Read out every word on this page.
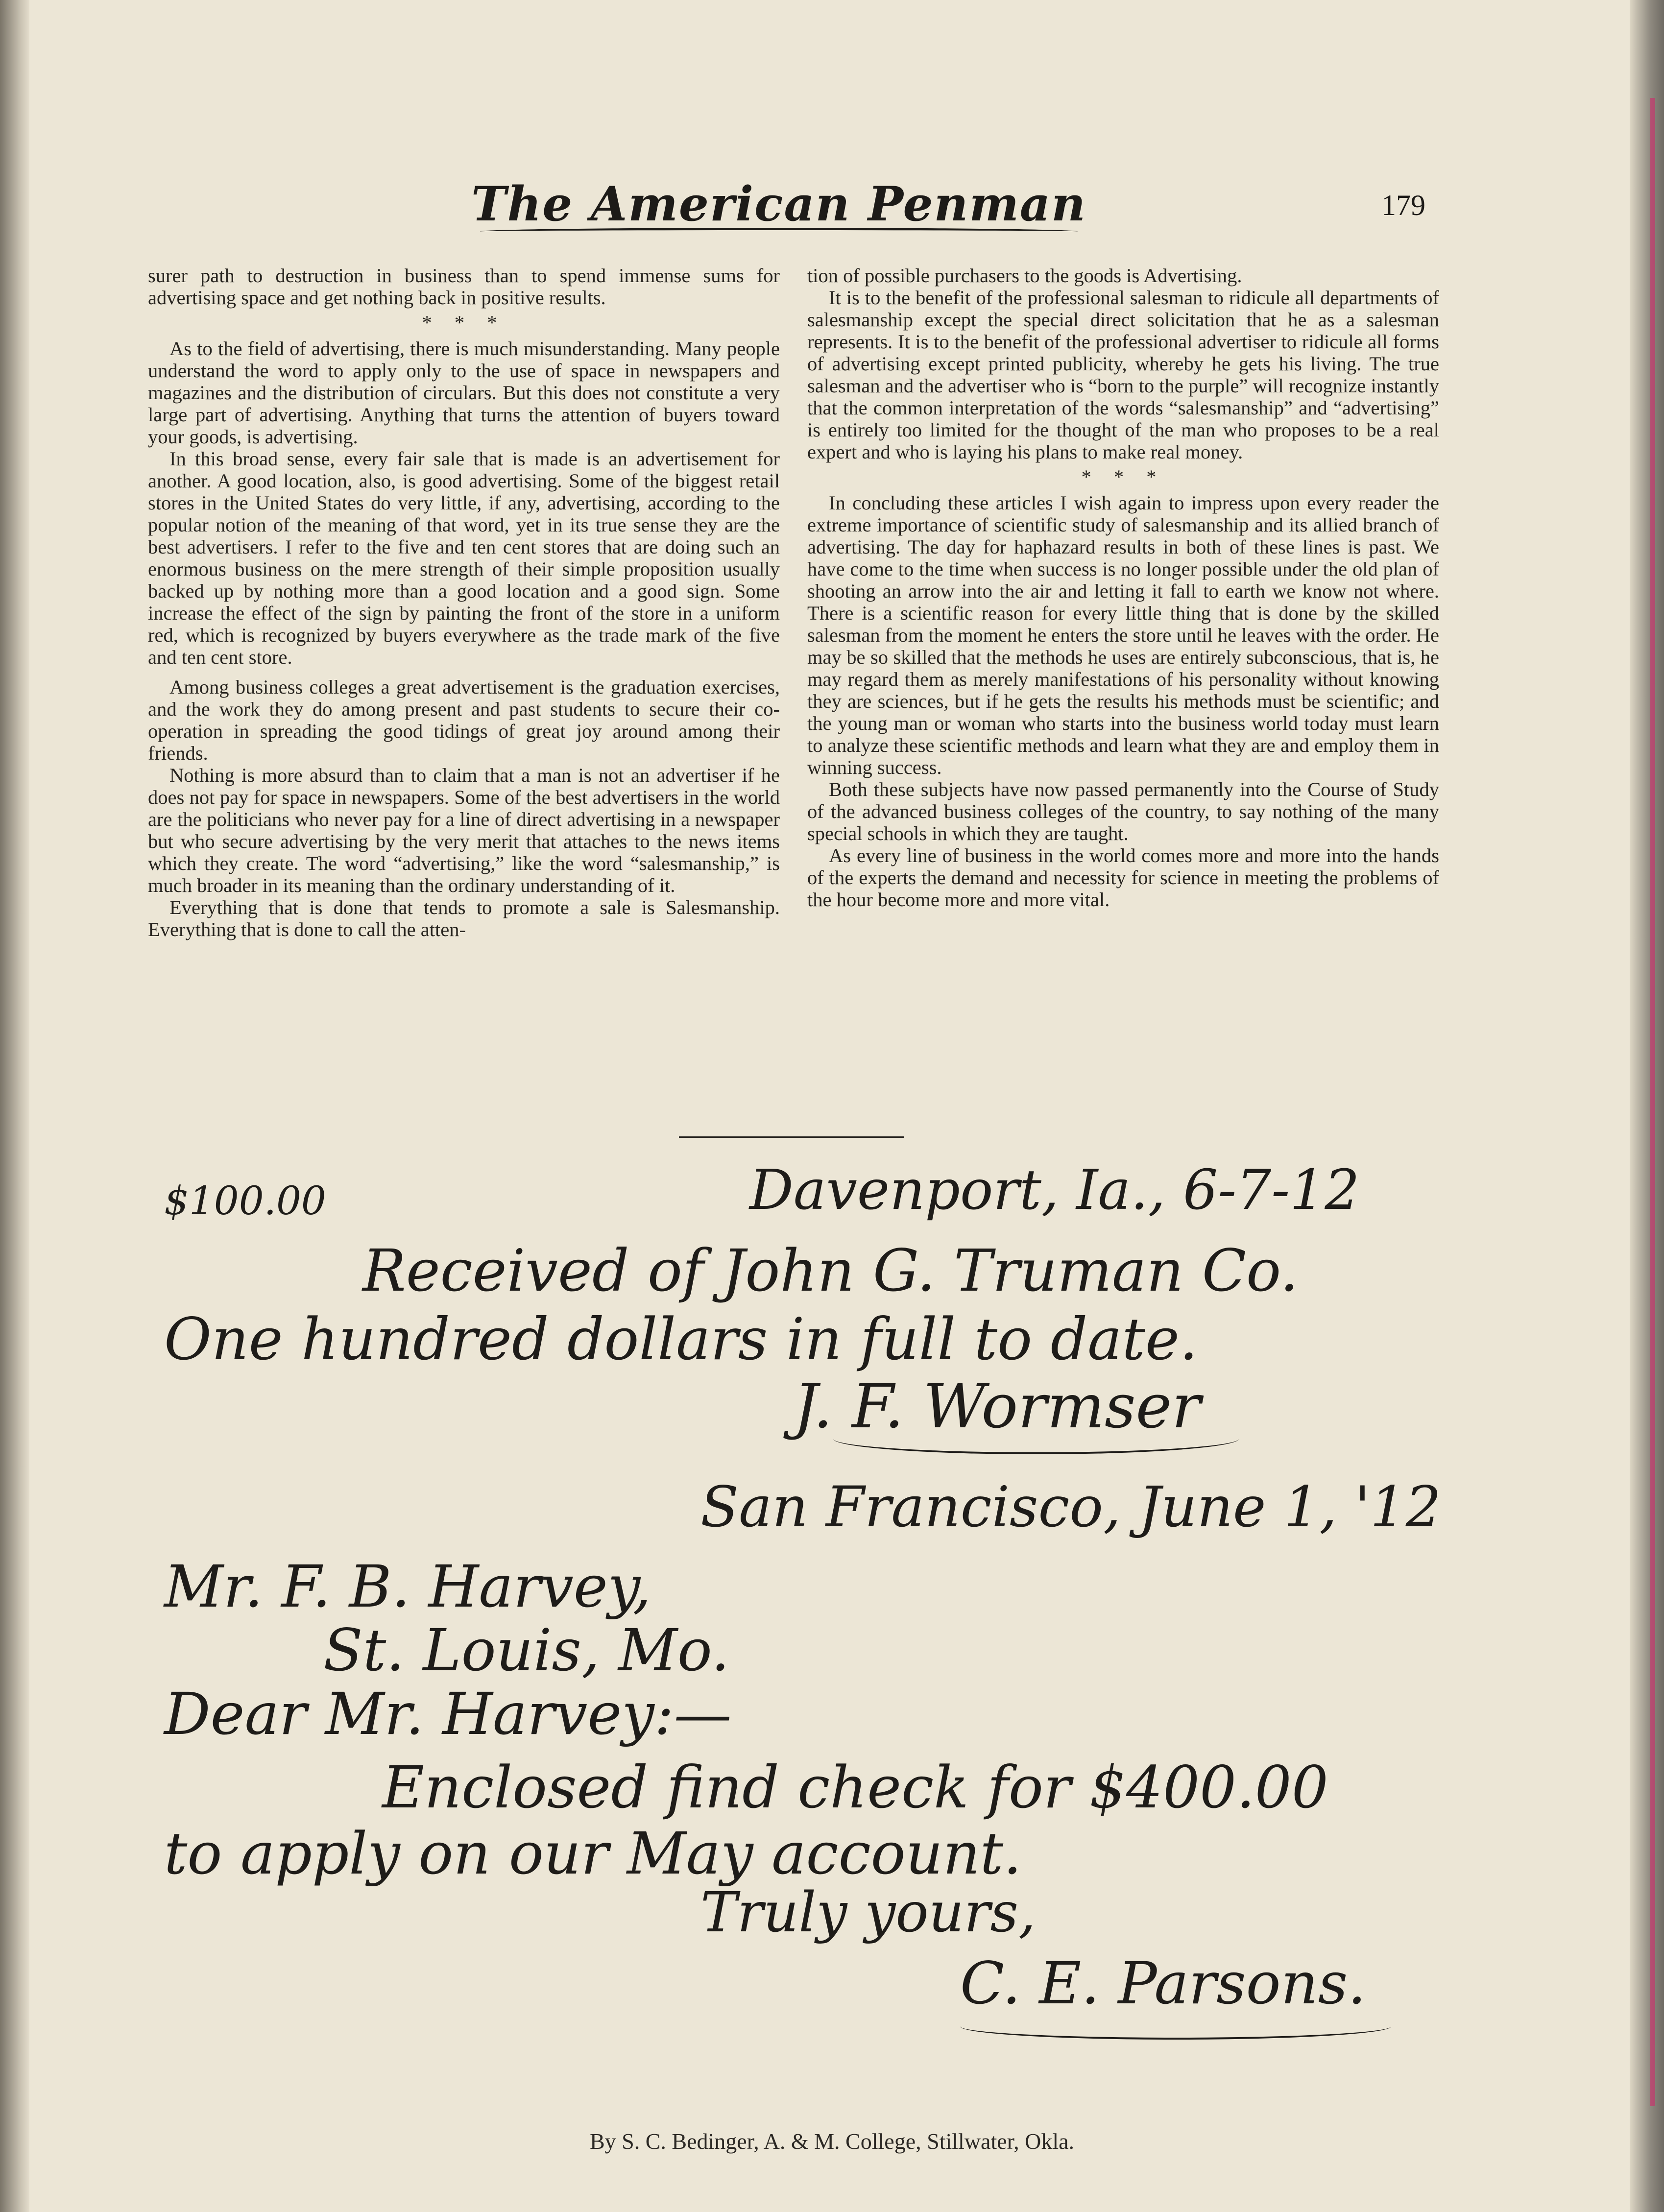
The American Penman	179

surer path to destruction in business than to spend immense sums for advertising space and get nothing back in positive results.

* * *

As to the field of advertising, there is much misunderstanding. Many people understand the word to apply only to the use of space in newspapers and magazines and the distribution of circulars. But this does not constitute a very large part of advertising. Anything that turns the attention of buyers toward your goods, is advertising.

In this broad sense, every fair sale that is made is an advertisement for another. A good location, also, is good advertising. Some of the biggest retail stores in the United States do very little, if any, advertising, according to the popular notion of the meaning of that word, yet in its true sense they are the best advertisers. I refer to the five and ten cent stores that are doing such an enormous business on the mere strength of their simple proposition usually backed up by nothing more than a good location and a good sign. Some increase the effect of the sign by painting the front of the store in a uniform red, which is recognized by buyers everywhere as the trade mark of the five and ten cent store.

Among business colleges a great advertisement is the graduation exercises, and the work they do among present and past students to secure their co-operation in spreading the good tidings of great joy around among their friends.

Nothing is more absurd than to claim that a man is not an advertiser if he does not pay for space in newspapers. Some of the best advertisers in the world are the politicians who never pay for a line of direct advertising in a newspaper but who secure advertising by the very merit that attaches to the news items which they create. The word “advertising,” like the word “salesmanship,” is much broader in its meaning than the ordinary understanding of it.

Everything that is done that tends to promote a sale is Salesmanship. Everything that is done to call the atten-

tion of possible purchasers to the goods is Advertising.

It is to the benefit of the professional salesman to ridicule all departments of salesmanship except the special direct solicitation that he as a salesman represents. It is to the benefit of the professional advertiser to ridicule all forms of advertising except printed publicity, whereby he gets his living. The true salesman and the advertiser who is “born to the purple” will recognize instantly that the common interpretation of the words “salesmanship” and “advertising” is entirely too limited for the thought of the man who proposes to be a real expert and who is laying his plans to make real money.

* * *

In concluding these articles I wish again to impress upon every reader the extreme importance of scientific study of salesmanship and its allied branch of advertising. The day for haphazard results in both of these lines is past. We have come to the time when success is no longer possible under the old plan of shooting an arrow into the air and letting it fall to earth we know not where. There is a scientific reason for every little thing that is done by the skilled salesman from the moment he enters the store until he leaves with the order. He may be so skilled that the methods he uses are entirely subconscious, that is, he may regard them as merely manifestations of his personality without knowing they are sciences, but if he gets the results his methods must be scientific; and the young man or woman who starts into the business world today must learn to analyze these scientific methods and learn what they are and employ them in winning success.

Both these subjects have now passed permanently into the Course of Study of the advanced business colleges of the country, to say nothing of the many special schools in which they are taught.

As every line of business in the world comes more and more into the hands of the experts the demand and necessity for science in meeting the problems of the hour become more and more vital.

$100.00	Davenport, Ia., 6-7-12
Received of John G. Truman Co.
One hundred dollars in full to date.
J. F. Wormser
San Francisco, June 1, '12
Mr. F. B. Harvey,
St. Louis, Mo.
Dear Mr. Harvey:—
Enclosed find check for $400.00
to apply on our May account.
Truly yours,
C. E. Parsons.
By S. C. Bedinger, A. & M. College, Stillwater, Okla.
